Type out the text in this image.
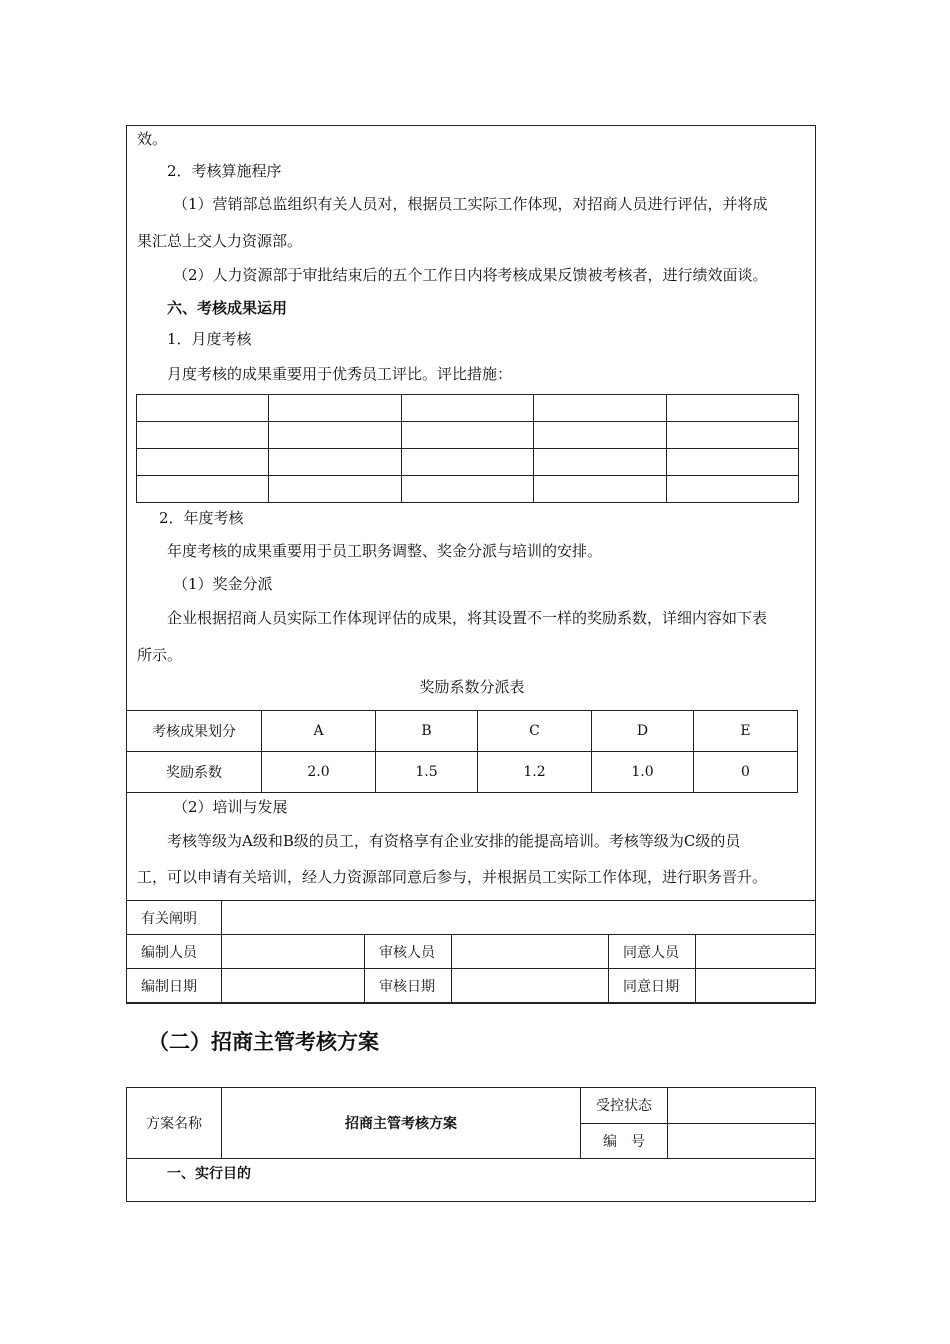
效。
2．考核算施程序
（1）营销部总监组织有关人员对，根据员工实际工作体现，对招商人员进行评估，并将成
果汇总上交人力资源部。
（2）人力资源部于审批结束后的五个工作日内将考核成果反馈被考核者，进行绩效面谈。
六、考核成果运用
1．月度考核
月度考核的成果重要用于优秀员工评比。评比措施：

2．年度考核
年度考核的成果重要用于员工职务调整、奖金分派与培训的安排。
（1）奖金分派
企业根据招商人员实际工作体现评估的成果，将其设置不一样的奖励系数，详细内容如下表
所示。
奖励系数分派表
考核成果划分	A	B	C	D	E
奖励系数	2.0	1.5	1.2	1.0	0
（2）培训与发展
考核等级为A级和B级的员工，有资格享有企业安排的能提高培训。考核等级为C级的员
工，可以申请有关培训，经人力资源部同意后参与，并根据员工实际工作体现，进行职务晋升。
有关阐明					
编制人员		审核人员		同意人员	
编制日期		审核日期		同意日期	
（二）招商主管考核方案
方案名称	招商主管考核方案	受控状态	
		编　号	
一、实行目的			
